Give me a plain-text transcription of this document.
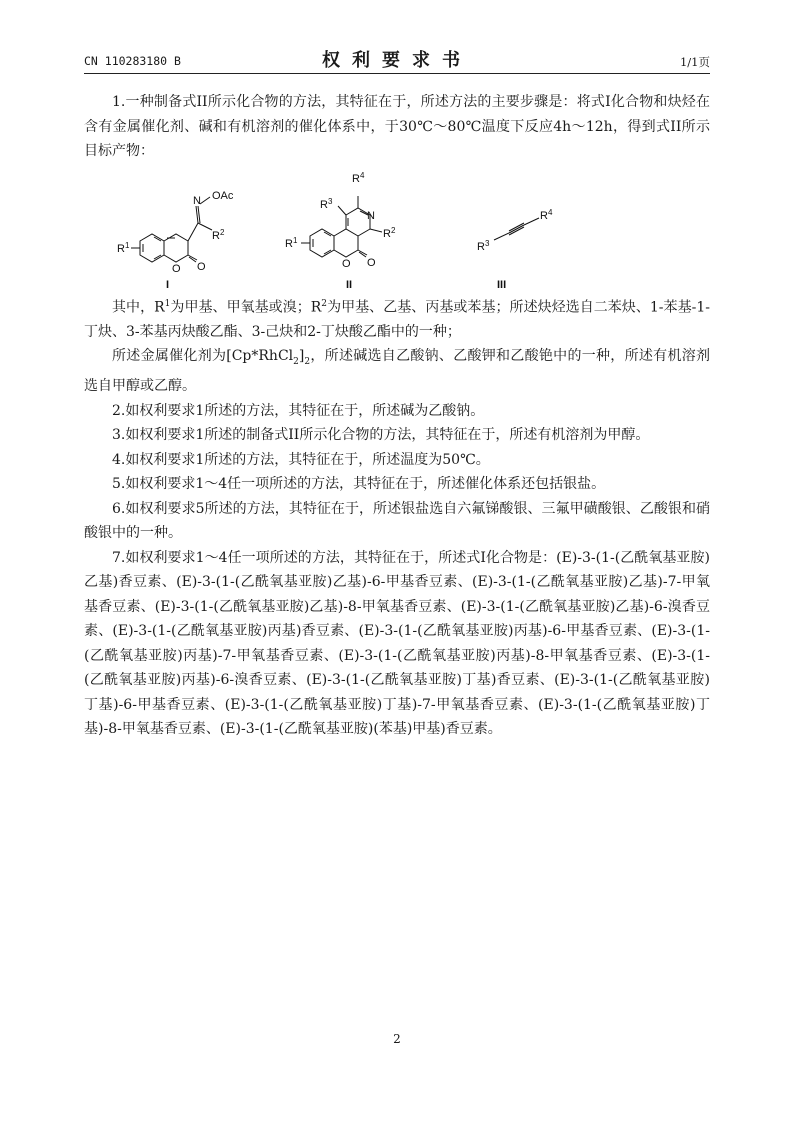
CN 110283180 B	权利要求书	1/1页

1.一种制备式II所示化合物的方法，其特征在于，所述方法的主要步骤是：将式I化合物和炔烃在含有金属催化剂、碱和有机溶剂的催化体系中，于30℃～80℃温度下反应4h～12h，得到式II所示目标产物：

N OAc
$R^2$
O O
$R^1$
I
N
$R^4$
$R^3$
$R^2$
$R^1$
O O
II
$R^4$
$R^3$
III

其中，$R^1$为甲基、甲氧基或溴；$R^2$为甲基、乙基、丙基或苯基；所述炔烃选自二苯炔、1-苯基-1-丁炔、3-苯基丙炔酸乙酯、3-己炔和2-丁炔酸乙酯中的一种；

所述金属催化剂为$[Cp*RhCl_2]_2$，所述碱选自乙酸钠、乙酸钾和乙酸铯中的一种，所述有机溶剂选自甲醇或乙醇。

2.如权利要求1所述的方法，其特征在于，所述碱为乙酸钠。

3.如权利要求1所述的制备式II所示化合物的方法，其特征在于，所述有机溶剂为甲醇。

4.如权利要求1所述的方法，其特征在于，所述温度为50℃。

5.如权利要求1～4任一项所述的方法，其特征在于，所述催化体系还包括银盐。

6.如权利要求5所述的方法，其特征在于，所述银盐选自六氟锑酸银、三氟甲磺酸银、乙酸银和硝酸银中的一种。

7.如权利要求1～4任一项所述的方法，其特征在于，所述式I化合物是：(E)-3-(1-(乙酰氧基亚胺)乙基)香豆素、(E)-3-(1-(乙酰氧基亚胺)乙基)-6-甲基香豆素、(E)-3-(1-(乙酰氧基亚胺)乙基)-7-甲氧基香豆素、(E)-3-(1-(乙酰氧基亚胺)乙基)-8-甲氧基香豆素、(E)-3-(1-(乙酰氧基亚胺)乙基)-6-溴香豆素、(E)-3-(1-(乙酰氧基亚胺)丙基)香豆素、(E)-3-(1-(乙酰氧基亚胺)丙基)-6-甲基香豆素、(E)-3-(1-(乙酰氧基亚胺)丙基)-7-甲氧基香豆素、(E)-3-(1-(乙酰氧基亚胺)丙基)-8-甲氧基香豆素、(E)-3-(1-(乙酰氧基亚胺)丙基)-6-溴香豆素、(E)-3-(1-(乙酰氧基亚胺)丁基)香豆素、(E)-3-(1-(乙酰氧基亚胺)丁基)-6-甲基香豆素、(E)-3-(1-(乙酰氧基亚胺)丁基)-7-甲氧基香豆素、(E)-3-(1-(乙酰氧基亚胺)丁基)-8-甲氧基香豆素、(E)-3-(1-(乙酰氧基亚胺)(苯基)甲基)香豆素。

2
